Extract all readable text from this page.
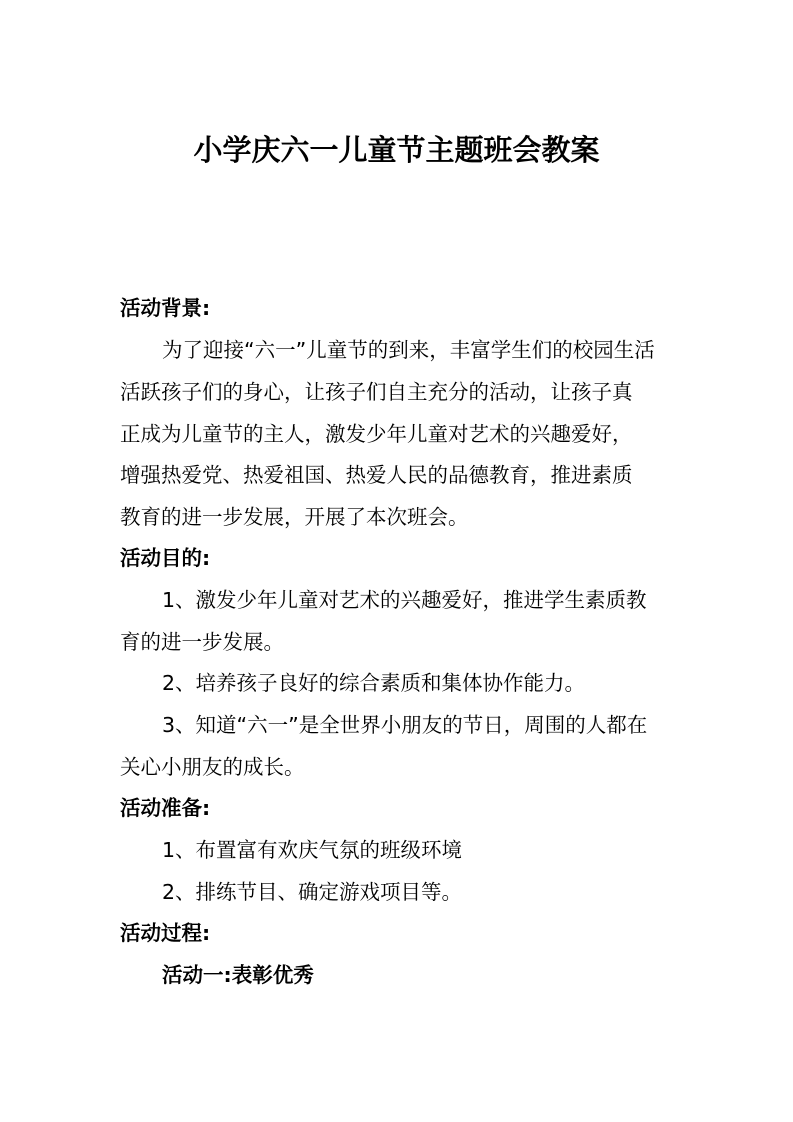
小学庆六一儿童节主题班会教案
活动背景:
为了迎接“六一”儿童节的到来，丰富学生们的校园生活
活跃孩子们的身心，让孩子们自主充分的活动，让孩子真
正成为儿童节的主人，激发少年儿童对艺术的兴趣爱好，
增强热爱党、热爱祖国、热爱人民的品德教育，推进素质
教育的进一步发展，开展了本次班会。
活动目的:
1、激发少年儿童对艺术的兴趣爱好，推进学生素质教
育的进一步发展。
2、培养孩子良好的综合素质和集体协作能力。
3、知道“六一”是全世界小朋友的节日，周围的人都在
关心小朋友的成长。
活动准备:
1、布置富有欢庆气氛的班级环境
2、排练节目、确定游戏项目等。
活动过程:
活动一:表彰优秀
